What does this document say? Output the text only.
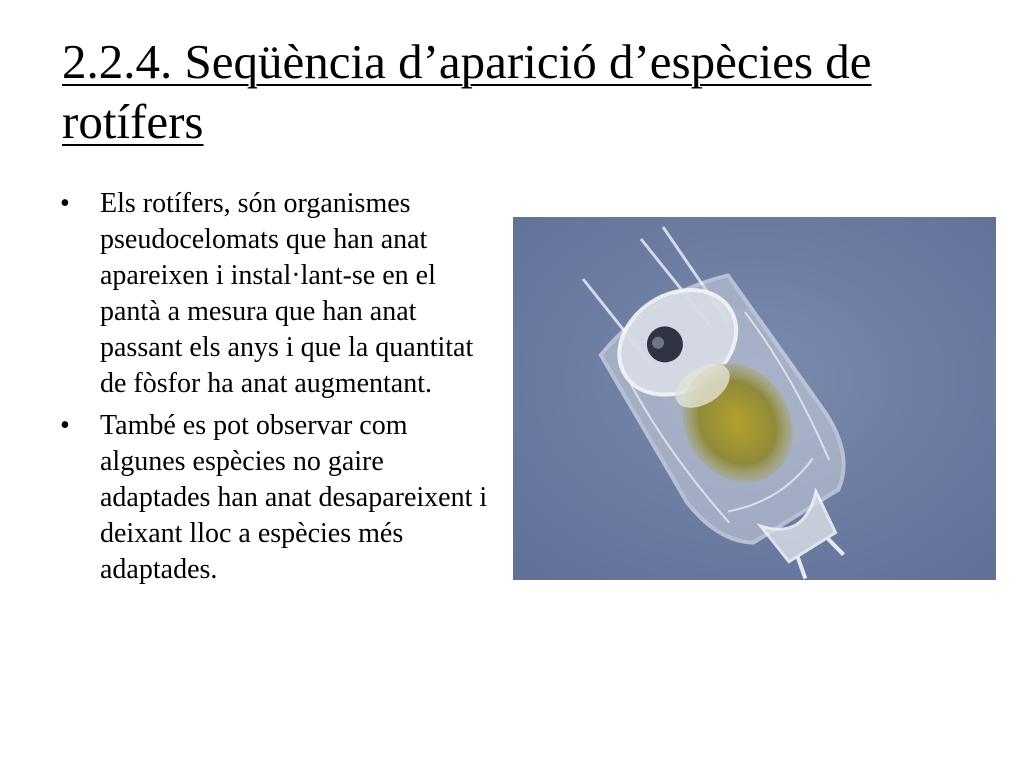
2.2.4. Seqüència d’aparició d’espècies de rotífers
•	Els rotífers, són organismes pseudocelomats que han anat apareixen i instal·lant-se en el pantà a mesura que han anat passant els anys i que la quantitat de fòsfor ha anat augmentant.
•	També es pot observar com algunes espècies no gaire adaptades han anat desapareixent i deixant lloc a espècies més adaptades.
